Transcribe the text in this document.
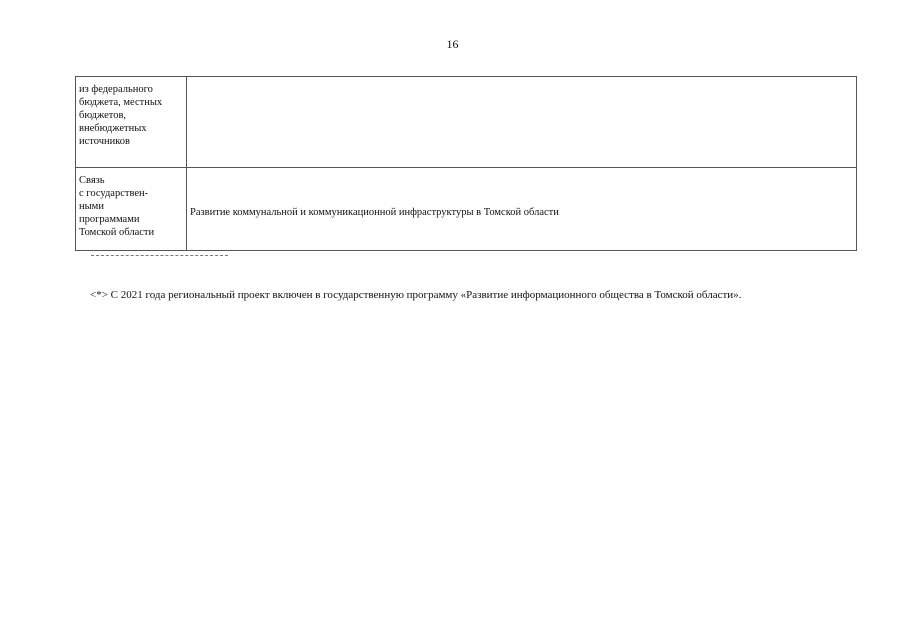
16
из федерального
бюджета, местных
бюджетов,
внебюджетных
источников	

Связь
с государствен-
ными
программами
Томской области	Развитие коммунальной и коммуникационной инфраструктуры в Томской области

<*> С 2021 года региональный проект включен в государственную программу «Развитие информационного общества в Томской области».
